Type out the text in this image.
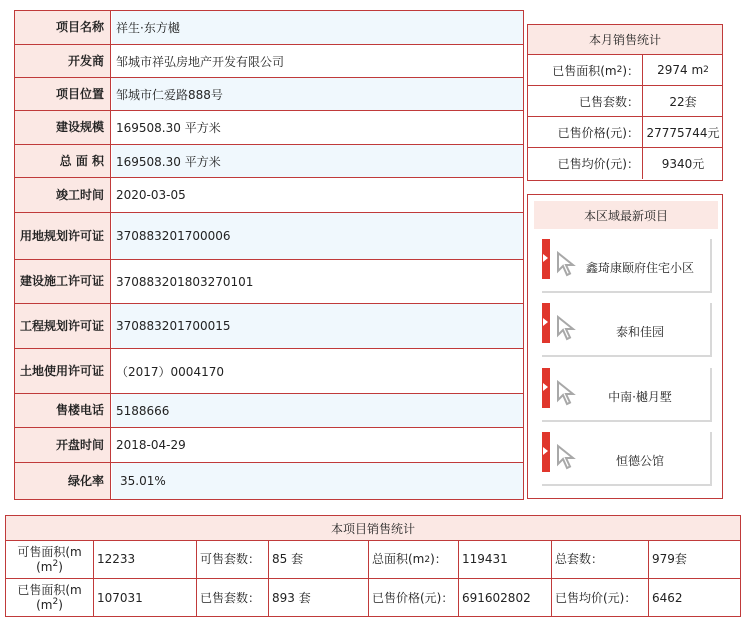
项目名称	祥生·东方樾
开发商	邹城市祥弘房地产开发有限公司
项目位置	邹城市仁爱路888号
建设规模	169508.30 平方米
总 面 积	169508.30 平方米
竣工时间	2020-03-05
用地规划许可证	370883201700006
建设施工许可证	370883201803270101
工程规划许可证	370883201700015
土地使用许可证	（2017）0004170
售楼电话	5188666
开盘时间	2018-04-29
绿化率	35.01%
本月销售统计
已售面积(m 2 )： 2974 m 2
已售套数：	22套
已售价格(元)： 27775744元
已售均价(元)：	9340元
本区域最新项目
鑫琦康颐府住宅小区
泰和佳园
中南·樾月墅
恒德公馆
本项目销售统计
可售面积(m
$(m^2)$
12233	可售套数： 85 套	总面积(m 2 )： 119431	总套数：	979套
已售面积(m
$(m^2)$
107031	已售套数： 893 套	已售价格(元)： 691602802	已售均价(元)：	6462
